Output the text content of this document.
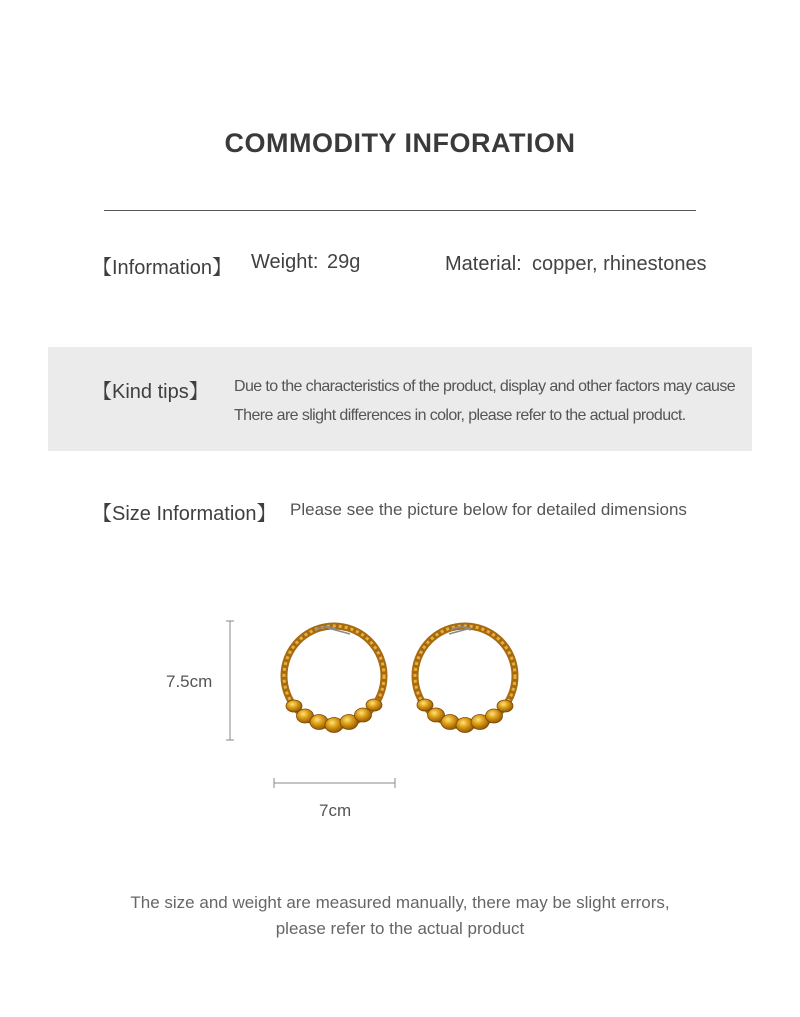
COMMODITY INFORATION
【Information】 Weight: 29g	Material: copper, rhinestones
【Kind tips】 Due to the characteristics of the product, display and other factors may cause
There are slight differences in color, please refer to the actual product.
【Size Information】 Please see the picture below for detailed dimensions
7.5cm
7cm
The size and weight are measured manually, there may be slight errors,
please refer to the actual product
